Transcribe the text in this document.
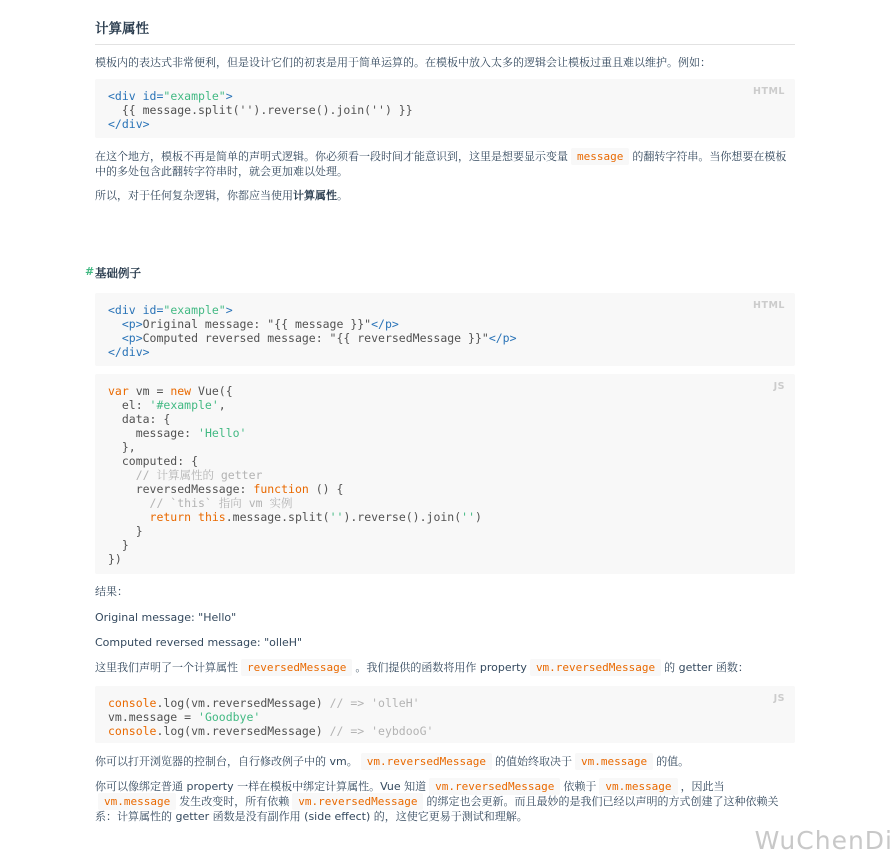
计算属性

模板内的表达式非常便利，但是设计它们的初衷是用于简单运算的。在模板中放入太多的逻辑会让模板过重且难以维护。例如：

HTML
<div id="example">
{{ message.split('').reverse().join('') }}
</div>

在这个地方，模板不再是简单的声明式逻辑。你必须看一段时间才能意识到，这里是想要显示变量 message 的翻转字符串。当你想要在模板中的多处包含此翻转字符串时，就会更加难以处理。

所以，对于任何复杂逻辑，你都应当使用计算属性。

# 基础例子
HTML
<div id="example">
<p>Original message: "{{ message }}"</p>
<p>Computed reversed message: "{{ reversedMessage }}"</p>
</div>
JS
var vm = new Vue({
el: '#example',
data: {
message: 'Hello'
},
computed: {
// 计算属性的 getter
reversedMessage: function () {
// `this` 指向 vm 实例
return this.message.split('').reverse().join('')
}
}
})

结果：

Original message: "Hello"

Computed reversed message: "olleH"

这里我们声明了一个计算属性 reversedMessage 。我们提供的函数将用作 property vm.reversedMessage 的 getter 函数：

JS
console.log(vm.reversedMessage) // => 'olleH'
vm.message = 'Goodbye'
console.log(vm.reversedMessage) // => 'eybdooG'

你可以打开浏览器的控制台，自行修改例子中的 vm。 vm.reversedMessage 的值始终取决于 vm.message 的值。

你可以像绑定普通 property 一样在模板中绑定计算属性。Vue 知道 vm.reversedMessage 依赖于 vm.message ，因此当vm.message 发生改变时，所有依赖 vm.reversedMessage 的绑定也会更新。而且最妙的是我们已经以声明的方式创建了这种依赖关系：计算属性的 getter 函数是没有副作用 (side effect) 的，这使它更易于测试和理解。

WuChenDi
